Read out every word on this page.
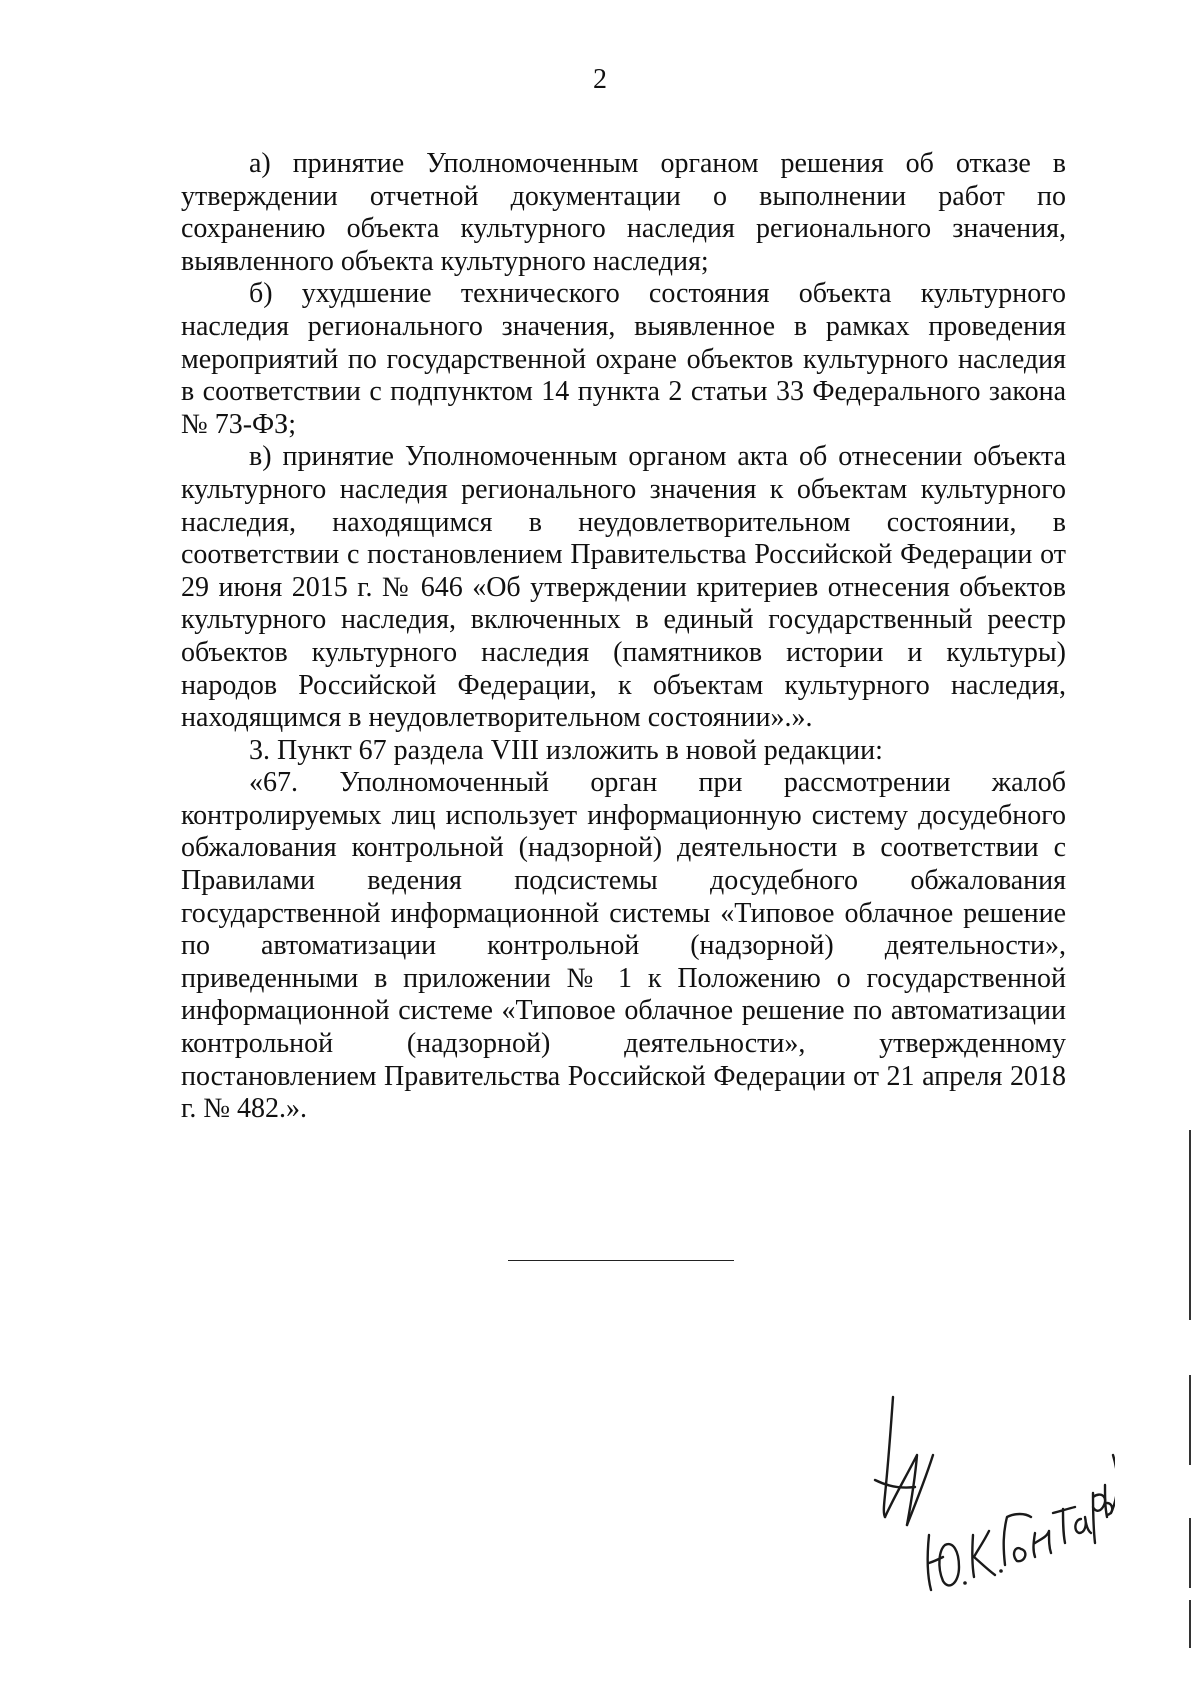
2

а) принятие Уполномоченным органом решения об отказе в утверждении отчетной документации о выполнении работ по сохранению объекта культурного наследия регионального значения, выявленного объекта культурного наследия;

б) ухудшение технического состояния объекта культурного наследия регионального значения, выявленное в рамках проведения мероприятий по государственной охране объектов культурного наследия в соответствии с подпунктом 14 пункта 2 статьи 33 Федерального закона № 73-ФЗ;

в) принятие Уполномоченным органом акта об отнесении объекта культурного наследия регионального значения к объектам культурного наследия, находящимся в неудовлетворительном состоянии, в соответствии с постановлением Правительства Российской Федерации от 29 июня 2015 г. № 646 «Об утверждении критериев отнесения объектов культурного наследия, включенных в единый государственный реестр объектов культурного наследия (памятников истории и культуры) народов Российской Федерации, к объектам культурного наследия, находящимся в неудовлетворительном состоянии».».

3. Пункт 67 раздела VIII изложить в новой редакции:

«67. Уполномоченный орган при рассмотрении жалоб контролируемых лиц использует информационную систему досудебного обжалования контрольной (надзорной) деятельности в соответствии с Правилами ведения подсистемы досудебного обжалования государственной информационной системы «Типовое облачное решение по автоматизации контрольной (надзорной) деятельности», приведенными в приложении № 1 к Положению о государственной информационной системе «Типовое облачное решение по автоматизации контрольной (надзорной) деятельности», утвержденному постановлением Правительства Российской Федерации от 21 апреля 2018 г. № 482.».
